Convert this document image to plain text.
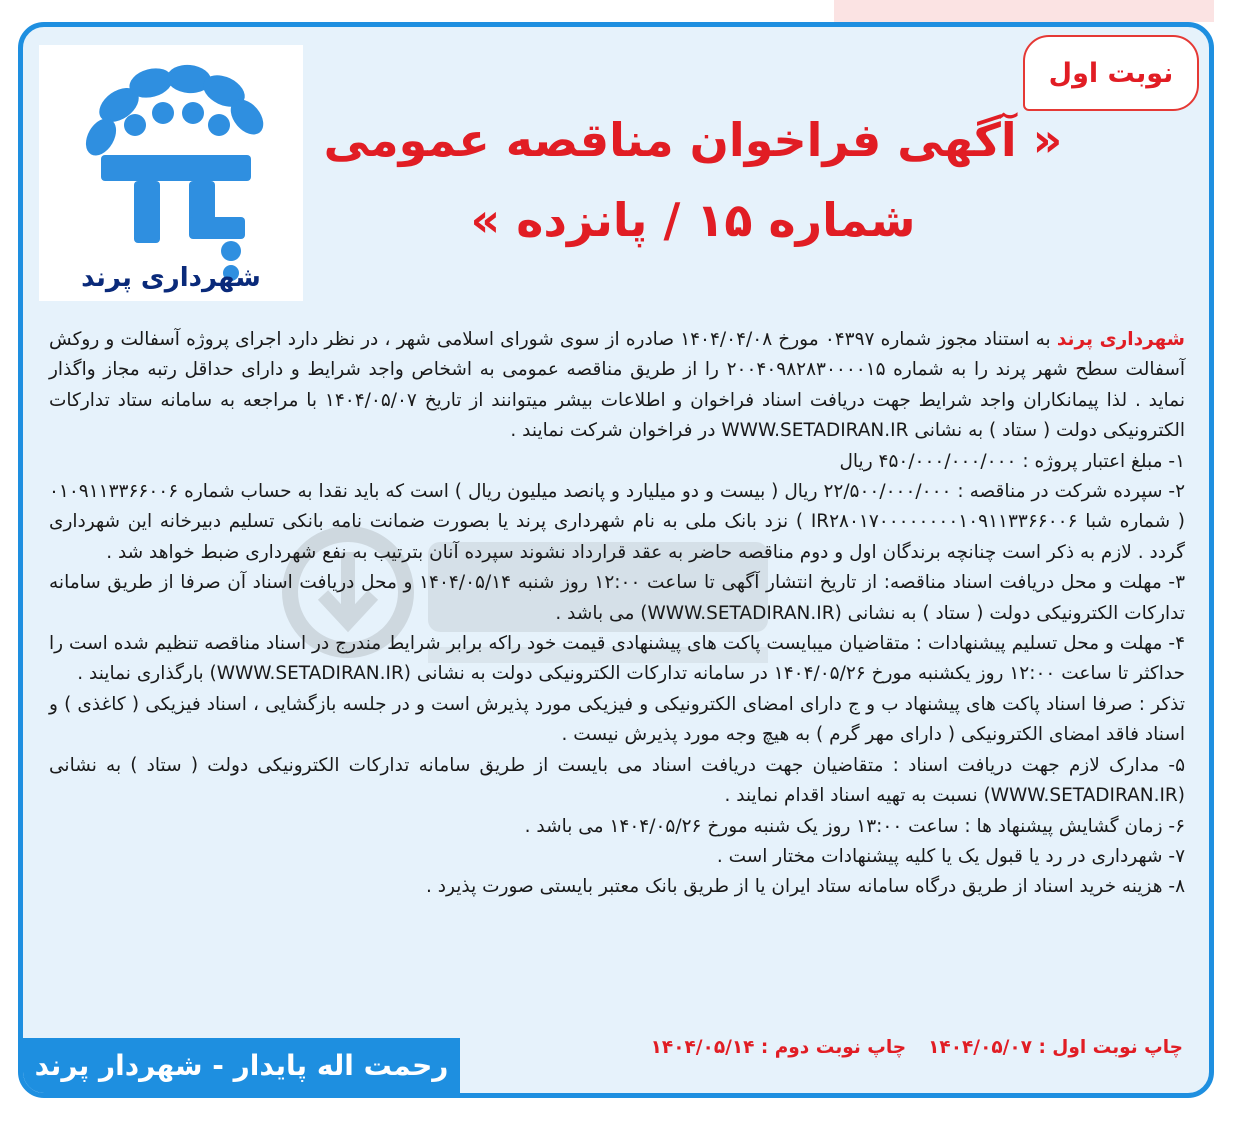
نوبت اول
شهرداری پرند
« آگهی فراخوان مناقصه عمومی
شماره ۱۵ / پانزده »

شهرداری پرند به استناد مجوز شماره ۰۴۳۹۷ مورخ ۱۴۰۴/۰۴/۰۸ صادره از سوی شورای اسلامی شهر ، در نظر دارد اجرای پروژه آسفالت و روکش آسفالت سطح شهر پرند را به شماره ۲۰۰۴۰۹۸۲۸۳۰۰۰۰۱۵ را از طریق مناقصه عمومی به اشخاص واجد شرایط و دارای حداقل رتبه مجاز واگذار نماید . لذا پیمانکاران واجد شرایط جهت دریافت اسناد فراخوان و اطلاعات بیشر میتوانند از تاریخ ۱۴۰۴/۰۵/۰۷ با مراجعه به سامانه ستاد تدارکات الکترونیکی دولت ( ستاد ) به نشانی WWW.SETADIRAN.IR در فراخوان شرکت نمایند .

۱- مبلغ اعتبار پروژه : ۴۵۰/۰۰۰/۰۰۰/۰۰۰ ریال

۲- سپرده شرکت در مناقصه : ۲۲/۵۰۰/۰۰۰/۰۰۰ ریال ( بیست و دو میلیارد و پانصد میلیون ریال ) است که باید نقدا به حساب شماره ۰۱۰۹۱۱۳۳۶۶۰۰۶ ( شماره شبا IR۲۸۰۱۷۰۰۰۰۰۰۰۰۱۰۹۱۱۳۳۶۶۰۰۶ ) نزد بانک ملی به نام شهرداری پرند یا بصورت ضمانت نامه بانکی تسلیم دبیرخانه این شهرداری گردد . لازم به ذکر است چنانچه برندگان اول و دوم مناقصه حاضر به عقد قرارداد نشوند سپرده آنان بترتیب به نفع شهرداری ضبط خواهد شد .

۳- مهلت و محل دریافت اسناد مناقصه: از تاریخ انتشار آگهی تا ساعت ۱۲:۰۰ روز شنبه ۱۴۰۴/۰۵/۱۴ و محل دریافت اسناد آن صرفا از طریق سامانه تدارکات الکترونیکی دولت ( ستاد ) به نشانی (WWW.SETADIRAN.IR) می باشد .

۴- مهلت و محل تسلیم پیشنهادات : متقاضیان میبایست پاکت های پیشنهادی قیمت خود راکه برابر شرایط مندرج در اسناد مناقصه تنظیم شده است را حداکثر تا ساعت ۱۲:۰۰ روز یکشنبه مورخ ۱۴۰۴/۰۵/۲۶ در سامانه تدارکات الکترونیکی دولت به نشانی (WWW.SETADIRAN.IR) بارگذاری نمایند .

تذکر : صرفا اسناد پاکت های پیشنهاد ب و ج دارای امضای الکترونیکی و فیزیکی مورد پذیرش است و در جلسه بازگشایی ، اسناد فیزیکی ( کاغذی ) و اسناد فاقد امضای الکترونیکی ( دارای مهر گرم ) به هیچ وجه مورد پذیرش نیست .

۵- مدارک لازم جهت دریافت اسناد : متقاضیان جهت دریافت اسناد می بایست از طریق سامانه تدارکات الکترونیکی دولت ( ستاد ) به نشانی (WWW.SETADIRAN.IR) نسبت به تهیه اسناد اقدام نمایند .

۶- زمان گشایش پیشنهاد ها : ساعت ۱۳:۰۰ روز یک شنبه مورخ ۱۴۰۴/۰۵/۲۶ می باشد .

۷- شهرداری در رد یا قبول یک یا کلیه پیشنهادات مختار است .

۸- هزینه خرید اسناد از طریق درگاه سامانه ستاد ایران یا از طریق بانک معتبر بایستی صورت پذیرد .

چاپ نوبت اول : ۱۴۰۴/۰۵/۰۷چاپ نوبت دوم : ۱۴۰۴/۰۵/۱۴
رحمت اله پایدار - شهردار پرند
